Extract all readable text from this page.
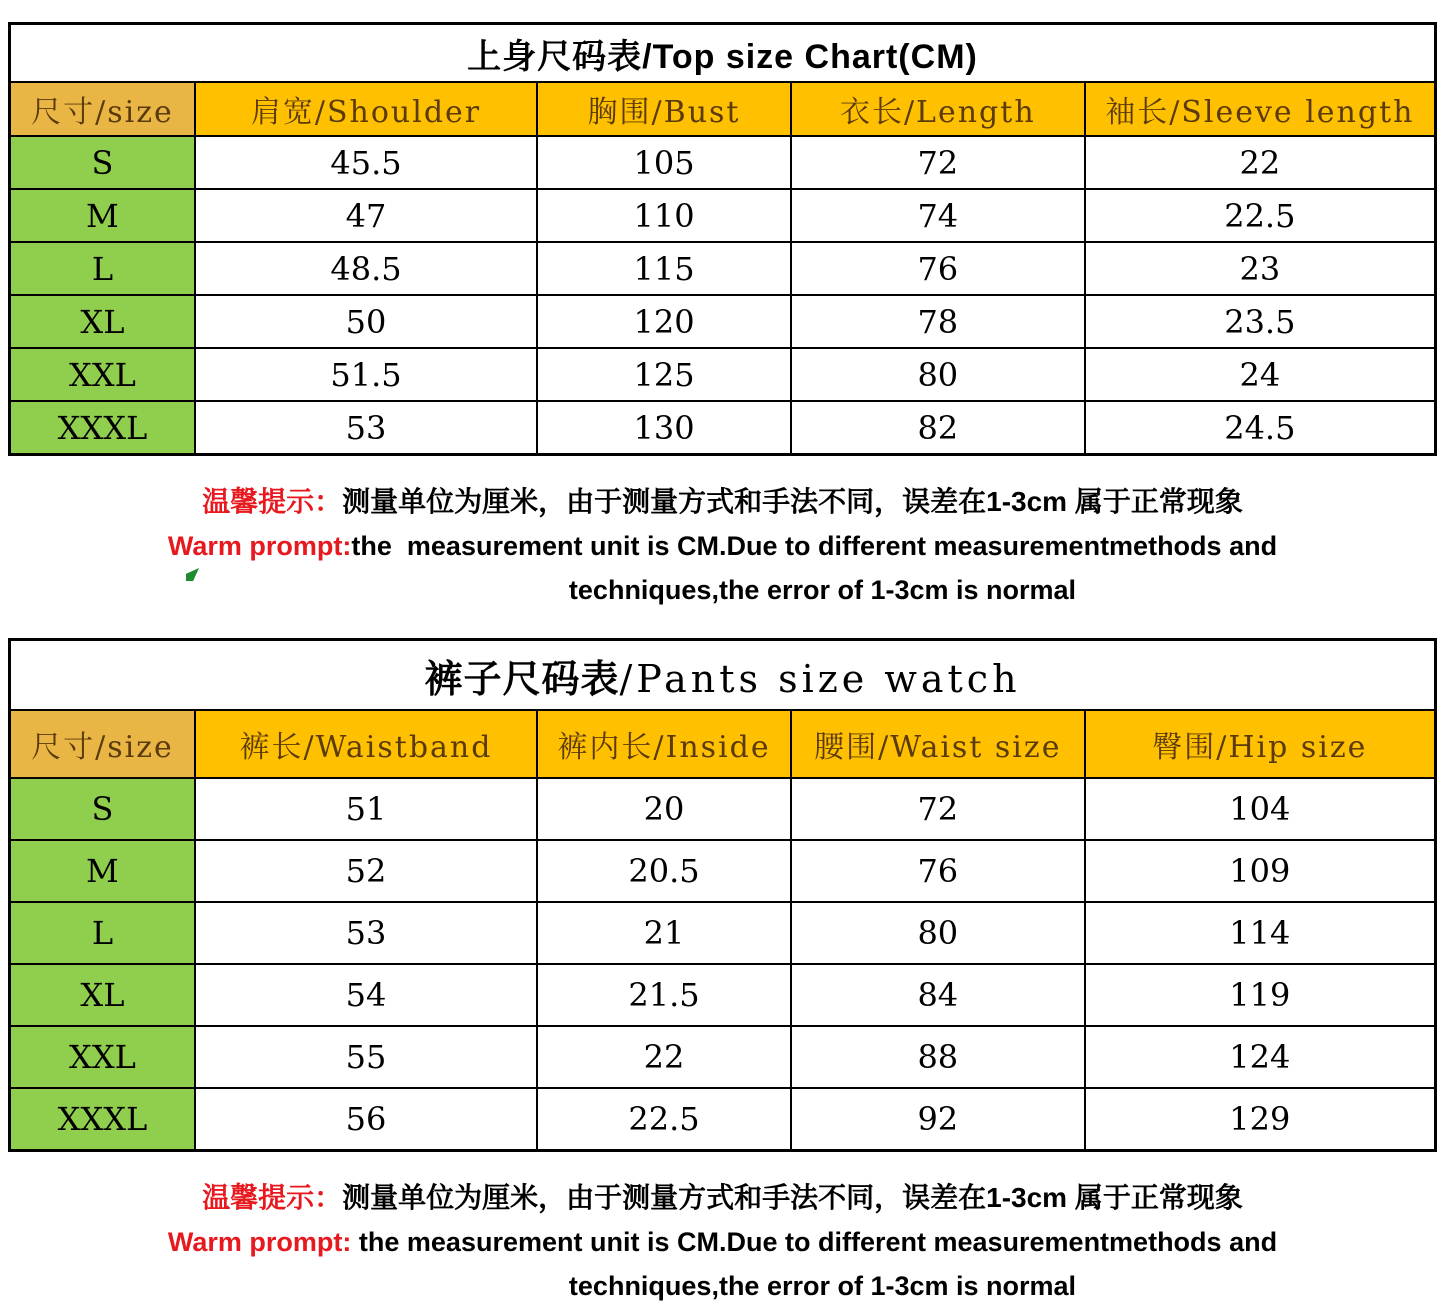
上身尺码表/Top size Chart(CM)				
尺寸/size	肩宽/Shoulder	胸围/Bust	衣长/Length	袖长/Sleeve length
S	45.5	105	72	22
M	47	110	74	22.5
L	48.5	115	76	23
XL	50	120	78	23.5
XXL	51.5	125	80	24
XXXL	53	130	82	24.5
温馨提示：测量单位为厘米，由于测量方式和手法不同，误差在1-3cm 属于正常现象
Warm prompt:the  measurement unit is CM.Due to different measurementmethods and
techniques,the error of 1-3cm is normal
裤子尺码表/Pants size watch				
尺寸/size	裤长/Waistband	裤内长/Inside	腰围/Waist size	臀围/Hip size
S	51	20	72	104
M	52	20.5	76	109
L	53	21	80	114
XL	54	21.5	84	119
XXL	55	22	88	124
XXXL	56	22.5	92	129
温馨提示：测量单位为厘米，由于测量方式和手法不同，误差在1-3cm 属于正常现象
Warm prompt: the measurement unit is CM.Due to different measurementmethods and
techniques,the error of 1-3cm is normal
